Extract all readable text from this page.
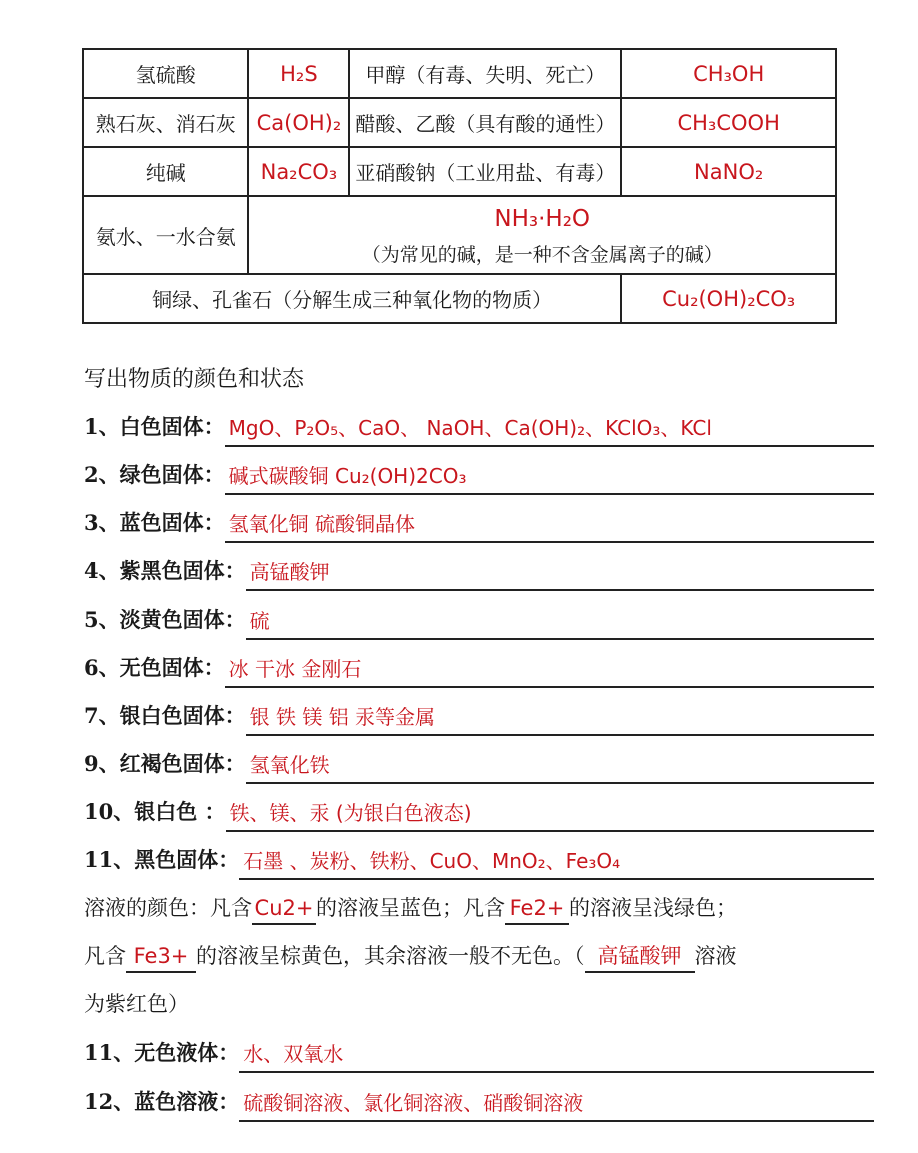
氢硫酸	H₂S	甲醇（有毒、失明、死亡）	CH₃OH
熟石灰、消石灰	Ca(OH)₂	醋酸、乙酸（具有酸的通性）	CH₃COOH
纯碱	Na₂CO₃	亚硝酸钠（工业用盐、有毒）	NaNO₂
氨水、一水合氨	NH₃·H₂O
（为常见的碱，是一种不含金属离子的碱）		

铜绿、孔雀石（分解生成三种氧化物的物质）			Cu₂(OH)₂CO₃
写出物质的颜色和状态
1、白色固体： MgO、P₂O₅、CaO、 NaOH、Ca(OH)₂、KClO₃、KCl
2、绿色固体： 碱式碳酸铜 Cu₂(OH)2CO₃
3、蓝色固体： 氢氧化铜 硫酸铜晶体
4、紫黑色固体： 高锰酸钾
5、淡黄色固体： 硫
6、无色固体： 冰 干冰 金刚石
7、银白色固体： 银 铁 镁 铝 汞等金属
9、红褐色固体： 氢氧化铁
10、银白色 ： 铁、镁、汞 (为银白色液态)
11、黑色固体： 石墨 、炭粉、铁粉、CuO、MnO₂、Fe₃O₄
溶液的颜色：凡含 Cu2+ 的溶液呈蓝色；凡含 Fe2+ 的溶液呈浅绿色；
凡含 Fe3+ 的溶液呈棕黄色，其余溶液一般不无色。（ 高锰酸钾 溶液
为紫红色）
11、无色液体： 水、双氧水
12、蓝色溶液： 硫酸铜溶液、氯化铜溶液、硝酸铜溶液
